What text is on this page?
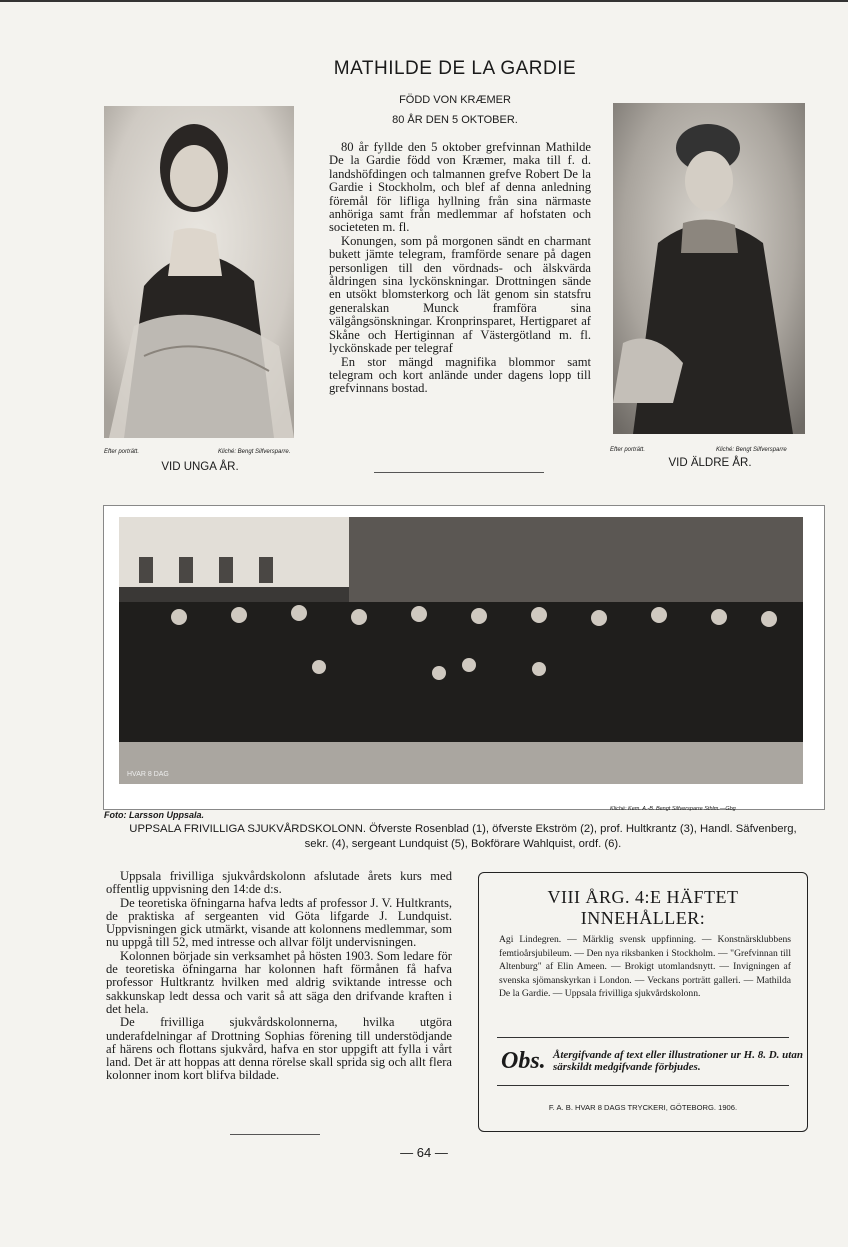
MATHILDE DE LA GARDIE
FÖDD VON KRÆMER
80 ÅR DEN 5 OKTOBER.
Efter porträtt.	Kliché: Bengt Silfversparre.
VID UNGA ÅR.

80 år fyllde den 5 oktober grefvinnan Mathilde De la Gardie född von Kræmer, maka till f. d. landshöfdingen och talmannen grefve Robert De la Gardie i Stockholm, och blef af denna anledning föremål för lifliga hyllning från sina närmaste anhöriga samt från medlemmar af hofstaten och societeten m. fl.

Konungen, som på morgonen sändt en charmant bukett jämte telegram, framförde senare på dagen personligen till den vördnads- och älskvärda åldringen sina lyckönskningar. Drottningen sände en utsökt blomsterkorg och lät genom sin statsfru generalskan Munck framföra sina välgångsönskningar. Kronprinsparet, Hertigparet af Skåne och Hertiginnan af Västergötland m. fl. lyckönskade per telegraf

En stor mängd magnifika blommor samt telegram och kort anlände under dagens lopp till grefvinnans bostad.

Efter porträtt.	Kliché: Bengt Silfversparre
VID ÄLDRE ÅR.
HVAR 8 DAG
Foto: Larsson Uppsala.
Kliché: Kem. A.-B. Bengt Silfversparre Sthlm.—Gbg
UPPSALA FRIVILLIGA SJUKVÅRDSKOLONN. Öfverste Rosenblad (1), öfverste Ekström (2), prof. Hultkrantz (3), Handl. Säfvenberg,
sekr. (4), sergeant Lundquist (5), Bokförare Wahlquist, ordf. (6).

Uppsala frivilliga sjukvårdskolonn afslutade årets kurs med offentlig uppvisning den 14:de d:s.

De teoretiska öfningarna hafva ledts af professor J. V. Hultkrants, de praktiska af sergeanten vid Göta lifgarde J. Lundquist. Uppvisningen gick utmärkt, visande att kolonnens medlemmar, som nu uppgå till 52, med intresse och allvar följt undervisningen.

Kolonnen började sin verksamhet på hösten 1903. Som ledare för de teoretiska öfningarna har kolonnen haft förmånen få hafva professor Hultkrantz hvilken med aldrig sviktande intresse och sakkunskap ledt dessa och varit så att säga den drifvande kraften i det hela.

De frivilliga sjukvårdskolonnerna, hvilka utgöra underafdelningar af Drottning Sophias förening till understödjande af härens och flottans sjukvård, hafva en stor uppgift att fylla i vårt land. Det är att hoppas att denna rörelse skall sprida sig och allt flera kolonner inom kort blifva bildade.

VIII ÅRG. 4:E HÄFTET INNEHÅLLER:
Agi Lindegren. — Märklig svensk uppfinning. — Konstnärsklubbens femtioårsjubileum. — Den nya riksbanken i Stockholm. — "Grefvinnan till Altenburg" af Elin Ameen. — Brokigt utomlandsnytt. — Invigningen af svenska sjömanskyrkan i London. — Veckans porträtt galleri. — Mathilda De la Gardie. — Uppsala frivilliga sjukvårdskolonn.
Obs. Återgifvande af text eller illustrationer ur H. 8. D. utan särskildt medgifvande förbjudes.
F. A. B. HVAR 8 DAGS TRYCKERI, GÖTEBORG. 1906.
— 64 —
